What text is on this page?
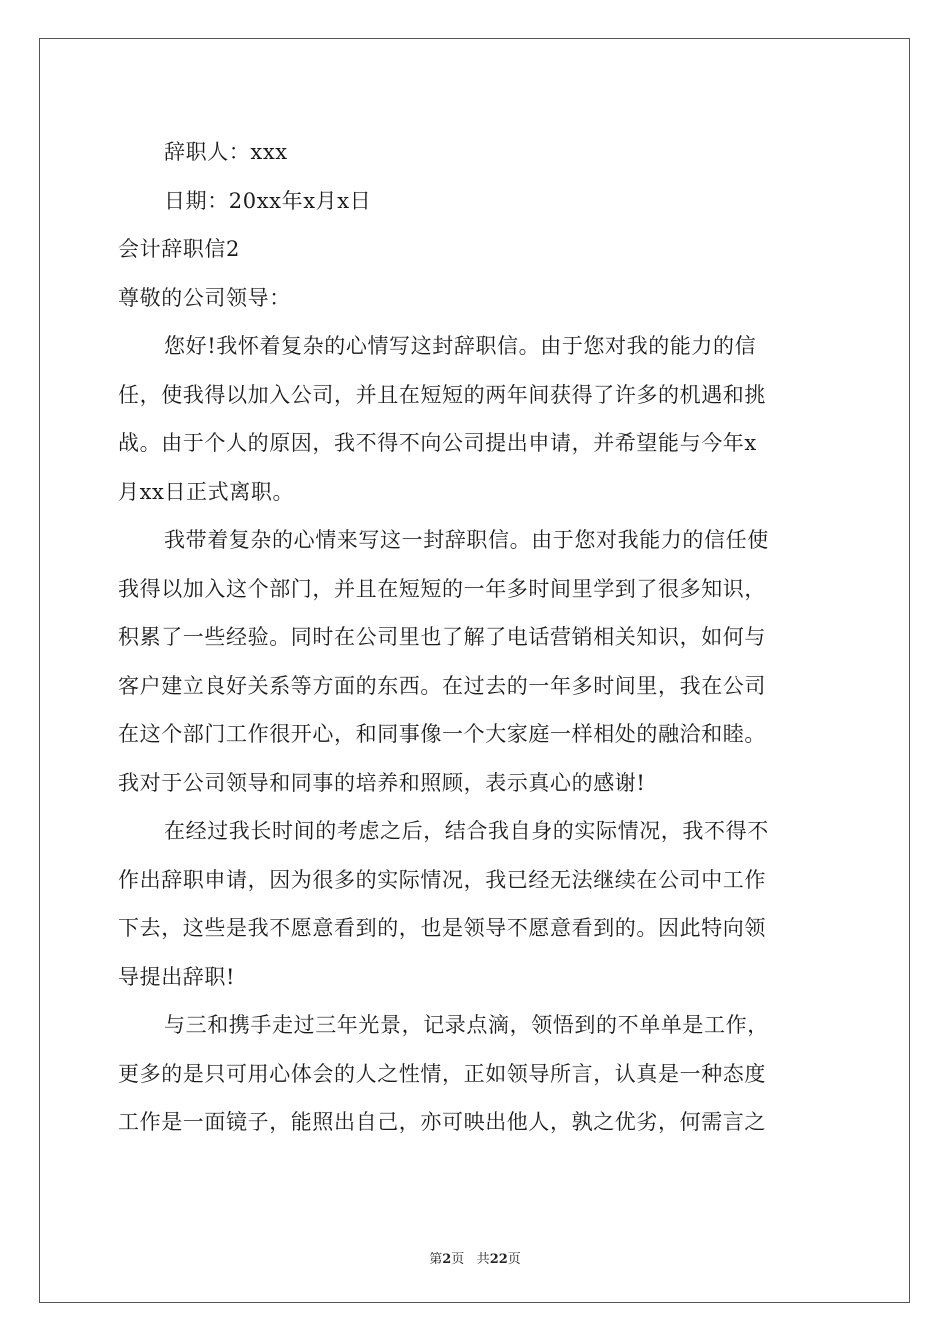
辞职人：xxx
日期：20xx年x月x日
会计辞职信2
尊敬的公司领导：
您好!我怀着复杂的心情写这封辞职信。由于您对我的能力的信
任，使我得以加入公司，并且在短短的两年间获得了许多的机遇和挑
战。由于个人的原因，我不得不向公司提出申请，并希望能与今年x
月xx日正式离职。
我带着复杂的心情来写这一封辞职信。由于您对我能力的信任使
我得以加入这个部门，并且在短短的一年多时间里学到了很多知识，
积累了一些经验。同时在公司里也了解了电话营销相关知识，如何与
客户建立良好关系等方面的东西。在过去的一年多时间里，我在公司
在这个部门工作很开心，和同事像一个大家庭一样相处的融洽和睦。
我对于公司领导和同事的培养和照顾，表示真心的感谢!
在经过我长时间的考虑之后，结合我自身的实际情况，我不得不
作出辞职申请，因为很多的实际情况，我已经无法继续在公司中工作
下去，这些是我不愿意看到的，也是领导不愿意看到的。因此特向领
导提出辞职!
与三和携手走过三年光景，记录点滴，领悟到的不单单是工作，
更多的是只可用心体会的人之性情，正如领导所言，认真是一种态度
工作是一面镜子，能照出自己，亦可映出他人，孰之优劣，何需言之
第2页 共22页
